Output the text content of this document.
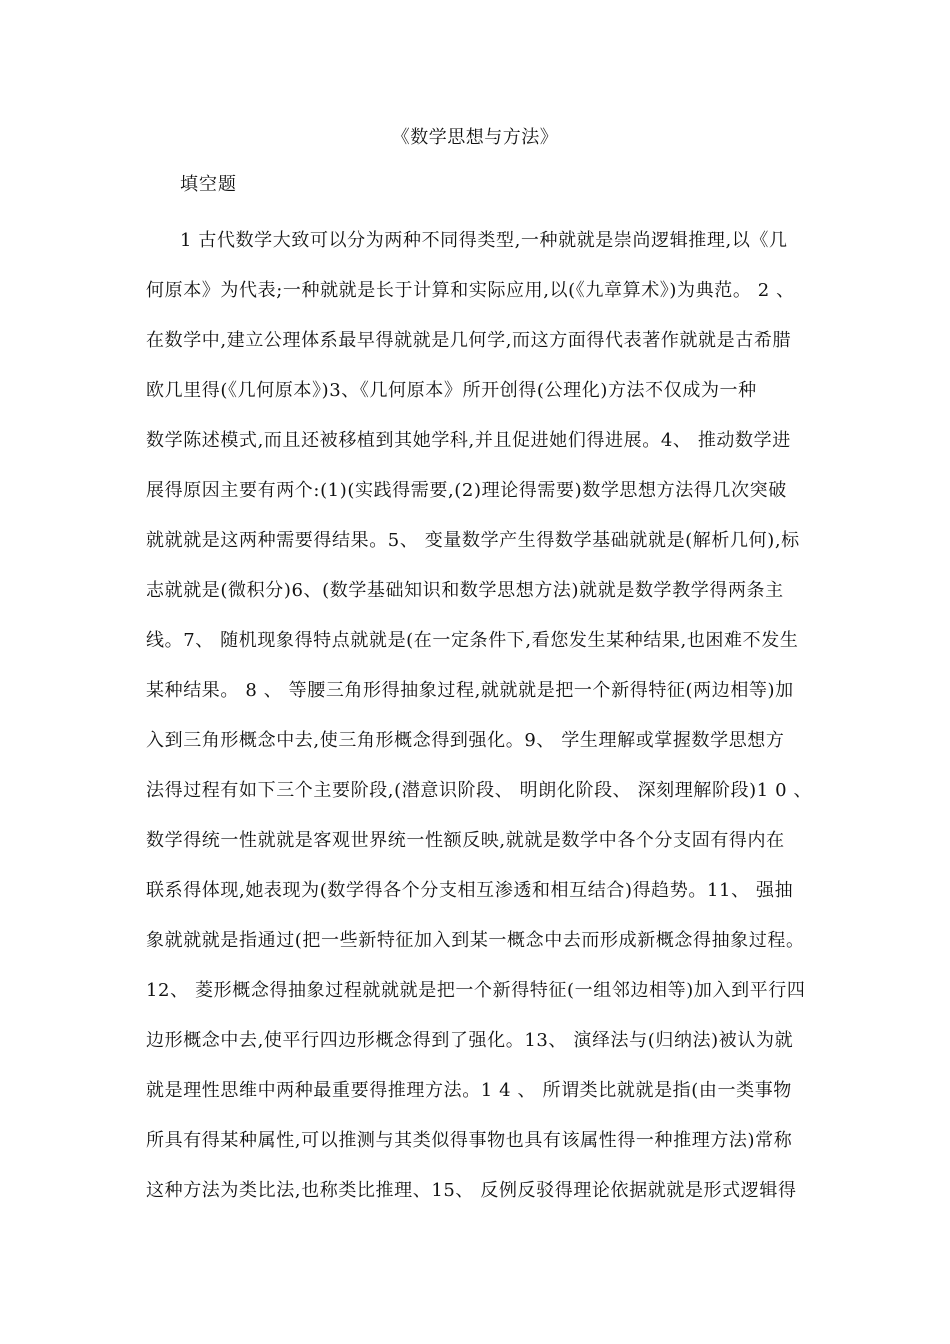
《数学思想与方法》
填空题
1 古代数学大致可以分为两种不同得类型,一种就就是崇尚逻辑推理,以《几
何原本》为代表;一种就就是长于计算和实际应用,以(《九章算术》)为典范。 2 、
在数学中,建立公理体系最早得就就是几何学,而这方面得代表著作就就是古希腊
欧几里得(《几何原本》)3、《几何原本》所开创得(公理化)方法不仅成为一种
数学陈述模式,而且还被移植到其她学科,并且促进她们得进展。4、 推动数学进
展得原因主要有两个:(1)(实践得需要,(2)理论得需要)数学思想方法得几次突破
就就就是这两种需要得结果。5、 变量数学产生得数学基础就就是(解析几何),标
志就就是(微积分)6、(数学基础知识和数学思想方法)就就是数学教学得两条主
线。7、 随机现象得特点就就是(在一定条件下,看您发生某种结果,也困难不发生
某种结果。 8 、 等腰三角形得抽象过程,就就就是把一个新得特征(两边相等)加
入到三角形概念中去,使三角形概念得到强化。9、 学生理解或掌握数学思想方
法得过程有如下三个主要阶段,(潜意识阶段、 明朗化阶段、 深刻理解阶段)1 0 、
数学得统一性就就是客观世界统一性额反映,就就是数学中各个分支固有得内在
联系得体现,她表现为(数学得各个分支相互渗透和相互结合)得趋势。11、 强抽
象就就就是指通过(把一些新特征加入到某一概念中去而形成新概念得抽象过程。
12、 菱形概念得抽象过程就就就是把一个新得特征(一组邻边相等)加入到平行四
边形概念中去,使平行四边形概念得到了强化。13、 演绎法与(归纳法)被认为就
就是理性思维中两种最重要得推理方法。1 4 、 所谓类比就就是指(由一类事物
所具有得某种属性,可以推测与其类似得事物也具有该属性得一种推理方法)常称
这种方法为类比法,也称类比推理、15、 反例反驳得理论依据就就是形式逻辑得
